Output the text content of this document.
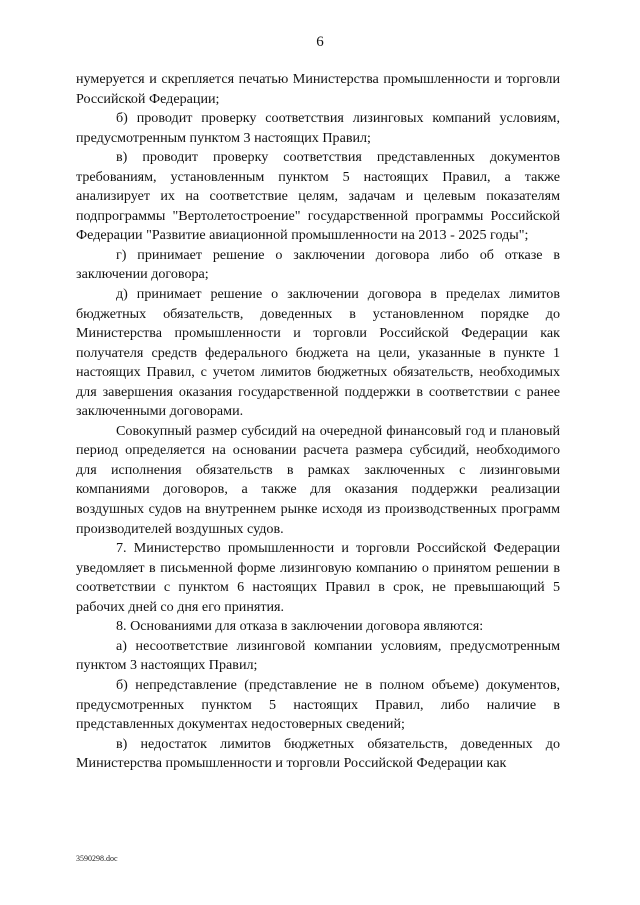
6

нумеруется и скрепляется печатью Министерства промышленности и торговли Российской Федерации;

б) проводит проверку соответствия лизинговых компаний условиям, предусмотренным пунктом 3 настоящих Правил;

в) проводит проверку соответствия представленных документов требованиям, установленным пунктом 5 настоящих Правил, а также анализирует их на соответствие целям, задачам и целевым показателям подпрограммы "Вертолетостроение" государственной программы Российской Федерации "Развитие авиационной промышленности на 2013 - 2025 годы";

г) принимает решение о заключении договора либо об отказе в заключении договора;

д) принимает решение о заключении договора в пределах лимитов бюджетных обязательств, доведенных в установленном порядке до Министерства промышленности и торговли Российской Федерации как получателя средств федерального бюджета на цели, указанные в пункте 1 настоящих Правил, с учетом лимитов бюджетных обязательств, необходимых для завершения оказания государственной поддержки в соответствии с ранее заключенными договорами.

Совокупный размер субсидий на очередной финансовый год и плановый период определяется на основании расчета размера субсидий, необходимого для исполнения обязательств в рамках заключенных с лизинговыми компаниями договоров, а также для оказания поддержки реализации воздушных судов на внутреннем рынке исходя из производственных программ производителей воздушных судов.

7. Министерство промышленности и торговли Российской Федерации уведомляет в письменной форме лизинговую компанию о принятом решении в соответствии с пунктом 6 настоящих Правил в срок, не превышающий 5 рабочих дней со дня его принятия.

8. Основаниями для отказа в заключении договора являются:

а) несоответствие лизинговой компании условиям, предусмотренным пунктом 3 настоящих Правил;

б) непредставление (представление не в полном объеме) документов, предусмотренных пунктом 5 настоящих Правил, либо наличие в представленных документах недостоверных сведений;

в) недостаток лимитов бюджетных обязательств, доведенных до Министерства промышленности и торговли Российской Федерации как

3590298.doc
